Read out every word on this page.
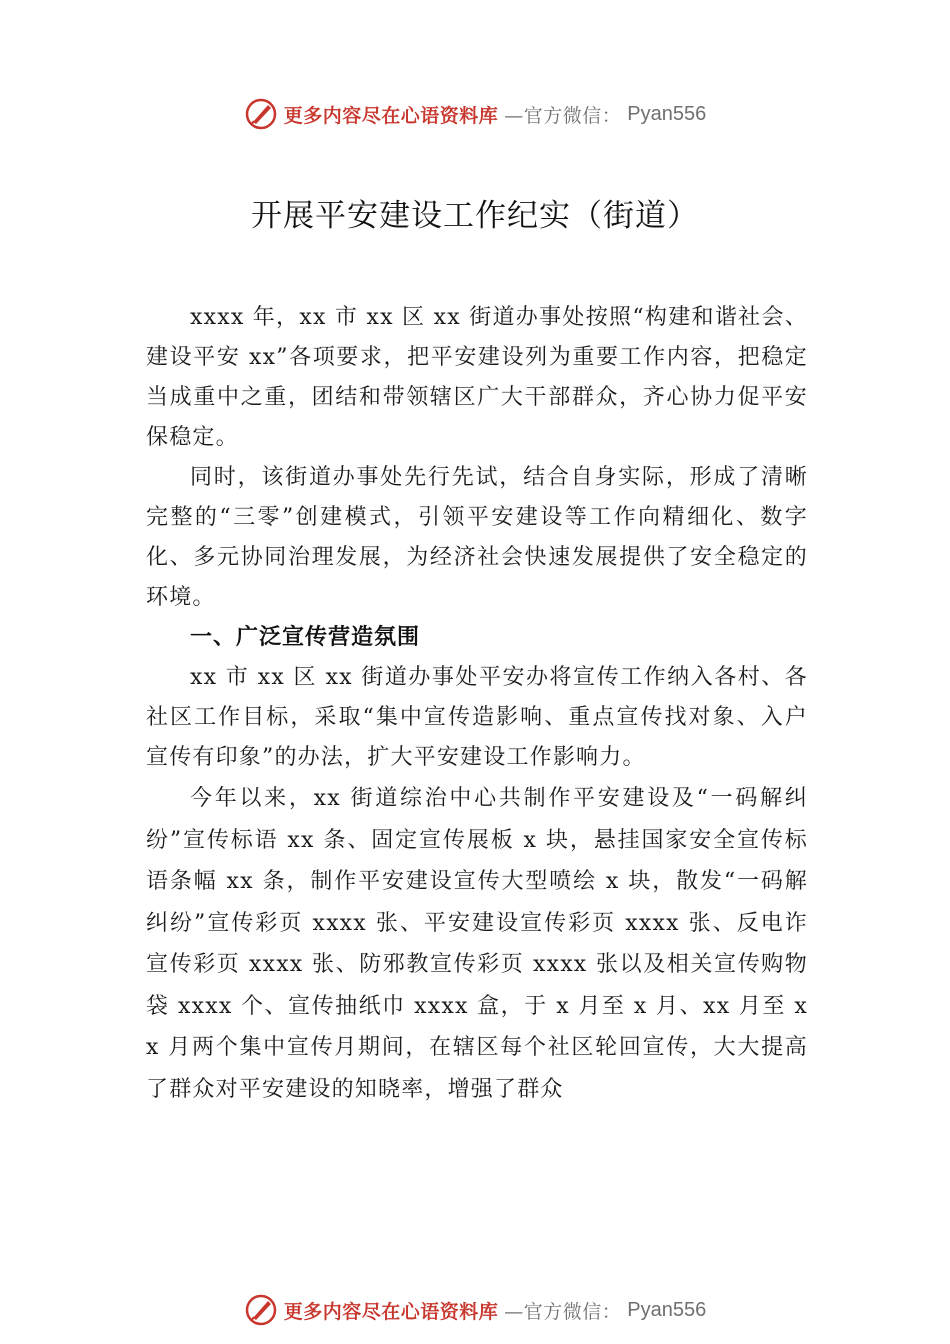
更多内容尽在心语资料库 —官方微信： Pyan556
开展平安建设工作纪实（街道）

xxxx 年，xx 市 xx 区 xx 街道办事处按照“构建和谐社会、建设平安 xx”各项要求，把平安建设列为重要工作内容，把稳定当成重中之重，团结和带领辖区广大干部群众，齐心协力促平安保稳定。

同时，该街道办事处先行先试，结合自身实际，形成了清晰完整的“三零”创建模式，引领平安建设等工作向精细化、数字化、多元协同治理发展，为经济社会快速发展提供了安全稳定的环境。

一、广泛宣传营造氛围

xx 市 xx 区 xx 街道办事处平安办将宣传工作纳入各村、各社区工作目标，采取“集中宣传造影响、重点宣传找对象、入户宣传有印象”的办法，扩大平安建设工作影响力。

今年以来，xx 街道综治中心共制作平安建设及“一码解纠纷”宣传标语 xx 条、固定宣传展板 x 块，悬挂国家安全宣传标语条幅 xx 条，制作平安建设宣传大型喷绘 x 块，散发“一码解纠纷”宣传彩页 xxxx 张、平安建设宣传彩页 xxxx 张、反电诈宣传彩页 xxxx 张、防邪教宣传彩页 xxxx 张以及相关宣传购物袋 xxxx 个、宣传抽纸巾 xxxx 盒，于 x 月至 x 月、xx 月至 xx 月两个集中宣传月期间，在辖区每个社区轮回宣传，大大提高了群众对平安建设的知晓率，增强了群众

更多内容尽在心语资料库 —官方微信： Pyan556
